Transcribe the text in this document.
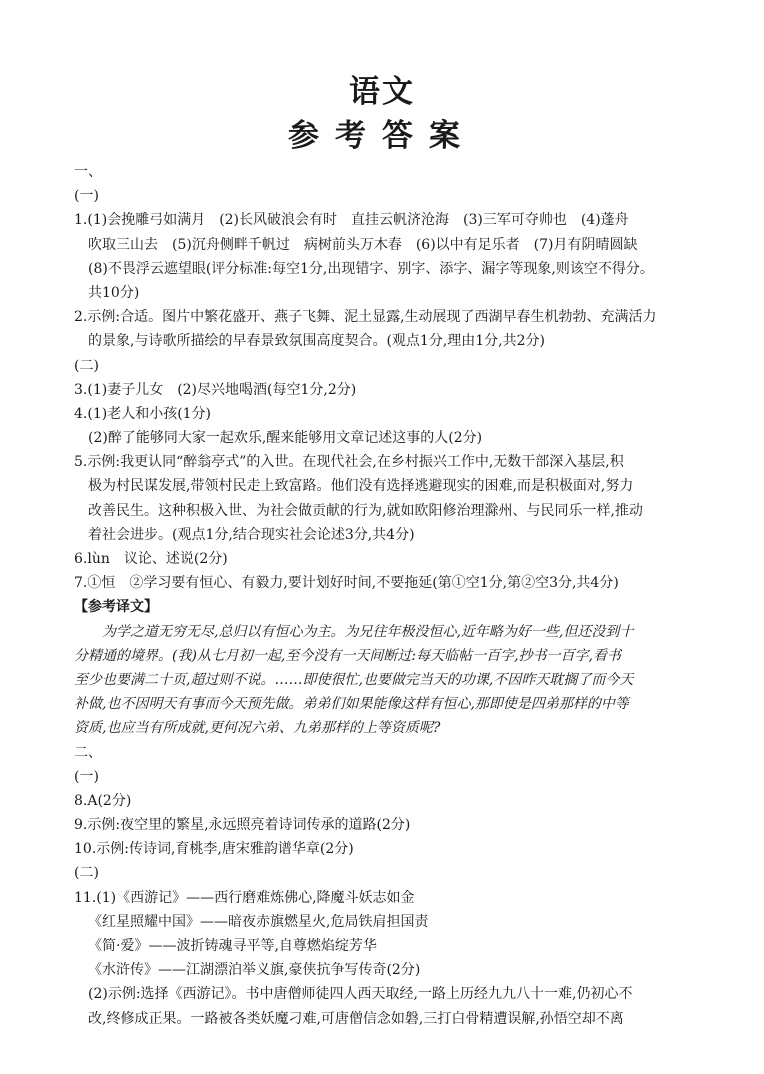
语文
参考答案
一、
(一)
1.(1)会挽雕弓如满月　(2)长风破浪会有时　直挂云帆济沧海　(3)三军可夺帅也　(4)蓬舟
吹取三山去　(5)沉舟侧畔千帆过　病树前头万木春　(6)以中有足乐者　(7)月有阴晴圆缺
(8)不畏浮云遮望眼(评分标准:每空1分,出现错字、别字、添字、漏字等现象,则该空不得分。
共10分)
2.示例:合适。图片中繁花盛开、燕子飞舞、泥土显露,生动展现了西湖早春生机勃勃、充满活力
的景象,与诗歌所描绘的早春景致氛围高度契合。(观点1分,理由1分,共2分)
(二)
3.(1)妻子儿女　(2)尽兴地喝酒(每空1分,2分)
4.(1)老人和小孩(1分)
(2)醉了能够同大家一起欢乐,醒来能够用文章记述这事的人(2分)
5.示例:我更认同“醉翁亭式”的入世。在现代社会,在乡村振兴工作中,无数干部深入基层,积
极为村民谋发展,带领村民走上致富路。他们没有选择逃避现实的困难,而是积极面对,努力
改善民生。这种积极入世、为社会做贡献的行为,就如欧阳修治理滁州、与民同乐一样,推动
着社会进步。(观点1分,结合现实社会论述3分,共4分)
6.lùn　议论、述说(2分)
7.①恒　②学习要有恒心、有毅力,要计划好时间,不要拖延(第①空1分,第②空3分,共4分)
【参考译文】
为学之道无穷无尽,总归以有恒心为主。为兄往年极没恒心,近年略为好一些,但还没到十
分精通的境界。(我)从七月初一起,至今没有一天间断过:每天临帖一百字,抄书一百字,看书
至少也要满二十页,超过则不说。……即使很忙,也要做完当天的功课,不因昨天耽搁了而今天
补做,也不因明天有事而今天预先做。弟弟们如果能像这样有恒心,那即使是四弟那样的中等
资质,也应当有所成就,更何况六弟、九弟那样的上等资质呢?
二、
(一)
8.A(2分)
9.示例:夜空里的繁星,永远照亮着诗词传承的道路(2分)
10.示例:传诗词,育桃李,唐宋雅韵谱华章(2分)
(二)
11.(1)《西游记》——西行磨难炼佛心,降魔斗妖志如金
《红星照耀中国》——暗夜赤旗燃星火,危局铁肩担国责
《简·爱》——波折铸魂寻平等,自尊燃焰绽芳华
《水浒传》——江湖漂泊举义旗,豪侠抗争写传奇(2分)
(2)示例:选择《西游记》。书中唐僧师徒四人西天取经,一路上历经九九八十一难,仍初心不
改,终修成正果。一路被各类妖魔刁难,可唐僧信念如磐,三打白骨精遭误解,孙悟空却不离
